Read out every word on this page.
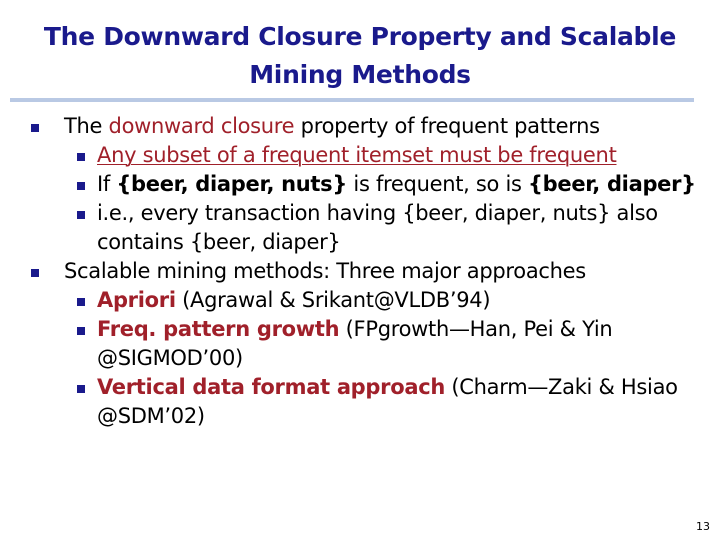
The Downward Closure Property and Scalable
Mining Methods
The downward closure property of frequent patterns
Any subset of a frequent itemset must be frequent
If {beer, diaper, nuts} is frequent, so is {beer, diaper}
i.e., every transaction having {beer, diaper, nuts} also contains {beer, diaper}
Scalable mining methods: Three major approaches
Apriori (Agrawal & Srikant@VLDB’94)
Freq. pattern growth (FPgrowth—Han, Pei & Yin @SIGMOD’00)
Vertical data format approach (Charm—Zaki & Hsiao @SDM’02)
13
